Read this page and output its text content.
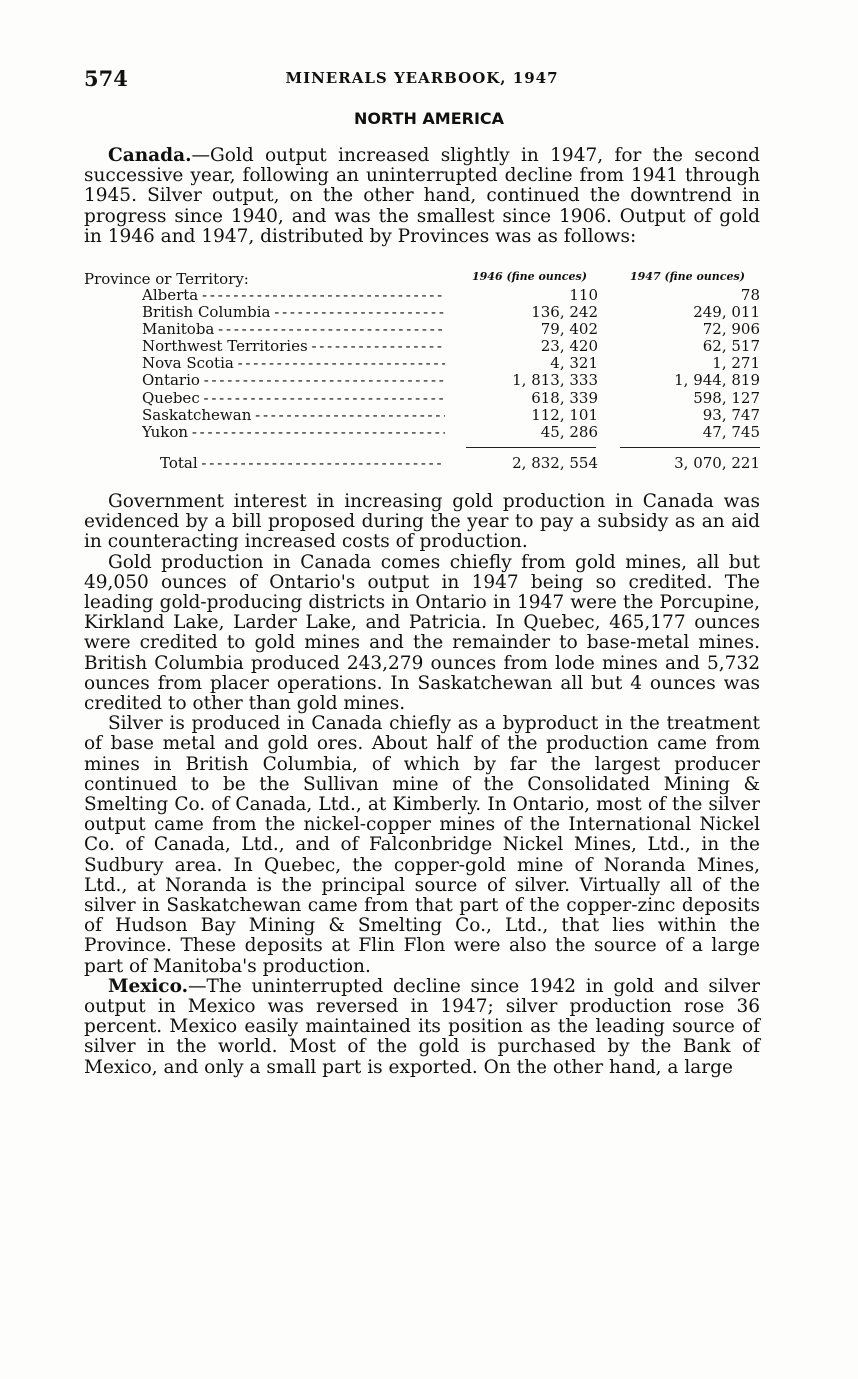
574	MINERALS YEARBOOK, 1947
NORTH AMERICA

Canada.—Gold output increased slightly in 1947, for the second successive year, following an uninterrupted decline from 1941 through 1945. Silver output, on the other hand, continued the downtrend in progress since 1940, and was the smallest since 1906. Output of gold in 1946 and 1947, distributed by Provinces was as follows:

Province or Territory:	1946 (fine ounces)	1947 (fine ounces)
Alberta - - -	110	78
British Columbia - - -	136, 242	249, 011
Manitoba - - -	79, 402	72, 906
Northwest Territories - - -	23, 420	62, 517
Nova Scotia - - -	4, 321	1, 271
Ontario - - -	1, 813, 333	1, 944, 819
Quebec - - -	618, 339	598, 127
Saskatchewan - - -	112, 101	93, 747
Yukon - - -	45, 286	47, 745
Total - - -	2, 832, 554	3, 070, 221

Government interest in increasing gold production in Canada was evidenced by a bill proposed during the year to pay a subsidy as an aid in counteracting increased costs of production.

Gold production in Canada comes chiefly from gold mines, all but 49,050 ounces of Ontario's output in 1947 being so credited. The leading gold-producing districts in Ontario in 1947 were the Porcupine, Kirkland Lake, Larder Lake, and Patricia. In Quebec, 465,177 ounces were credited to gold mines and the remainder to base-metal mines. British Columbia produced 243,279 ounces from lode mines and 5,732 ounces from placer operations. In Saskatchewan all but 4 ounces was credited to other than gold mines.

Silver is produced in Canada chiefly as a byproduct in the treatment of base metal and gold ores. About half of the production came from mines in British Columbia, of which by far the largest producer continued to be the Sullivan mine of the Consolidated Mining & Smelting Co. of Canada, Ltd., at Kimberly. In Ontario, most of the silver output came from the nickel-copper mines of the International Nickel Co. of Canada, Ltd., and of Falconbridge Nickel Mines, Ltd., in the Sudbury area. In Quebec, the copper-gold mine of Noranda Mines, Ltd., at Noranda is the principal source of silver. Virtually all of the silver in Saskatchewan came from that part of the copper-zinc deposits of Hudson Bay Mining & Smelting Co., Ltd., that lies within the Province. These deposits at Flin Flon were also the source of a large part of Manitoba's production.

Mexico.—The uninterrupted decline since 1942 in gold and silver output in Mexico was reversed in 1947; silver production rose 36 percent. Mexico easily maintained its position as the leading source of silver in the world. Most of the gold is purchased by the Bank of Mexico, and only a small part is exported. On the other hand, a large
